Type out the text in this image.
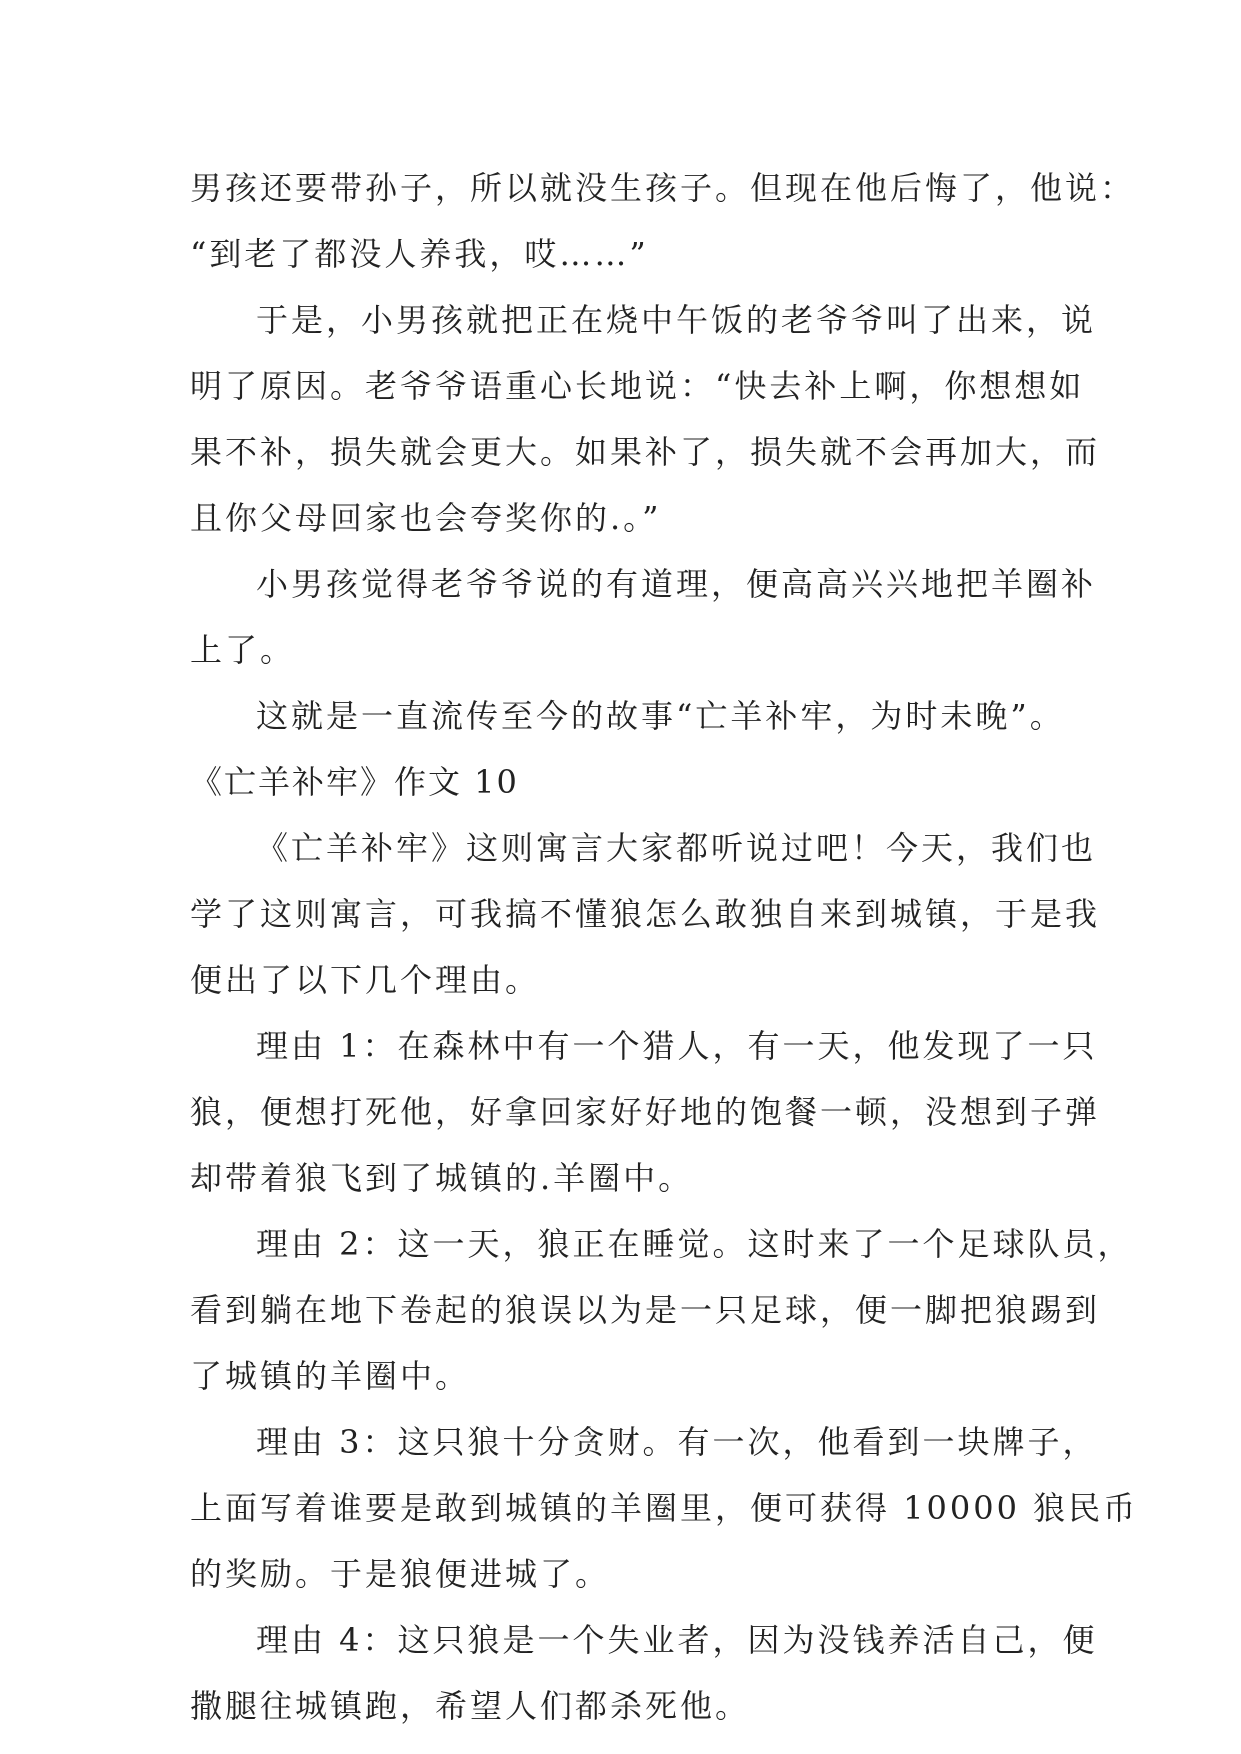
男孩还要带孙子，所以就没生孩子。但现在他后悔了，他说：
“到老了都没人养我，哎……”
于是，小男孩就把正在烧中午饭的老爷爷叫了出来，说
明了原因。老爷爷语重心长地说：“快去补上啊，你想想如
果不补，损失就会更大。如果补了，损失就不会再加大，而
且你父母回家也会夸奖你的.。”
小男孩觉得老爷爷说的有道理，便高高兴兴地把羊圈补
上了。
这就是一直流传至今的故事“亡羊补牢，为时未晚”。
《亡羊补牢》作文 10
《亡羊补牢》这则寓言大家都听说过吧！今天，我们也
学了这则寓言，可我搞不懂狼怎么敢独自来到城镇，于是我
便出了以下几个理由。
理由 1：在森林中有一个猎人，有一天，他发现了一只
狼，便想打死他，好拿回家好好地的饱餐一顿，没想到子弹
却带着狼飞到了城镇的.羊圈中。
理由 2：这一天，狼正在睡觉。这时来了一个足球队员，
看到躺在地下卷起的狼误以为是一只足球，便一脚把狼踢到
了城镇的羊圈中。
理由 3：这只狼十分贪财。有一次，他看到一块牌子，
上面写着谁要是敢到城镇的羊圈里，便可获得 10000 狼民币
的奖励。于是狼便进城了。
理由 4：这只狼是一个失业者，因为没钱养活自己，便
撒腿往城镇跑，希望人们都杀死他。
